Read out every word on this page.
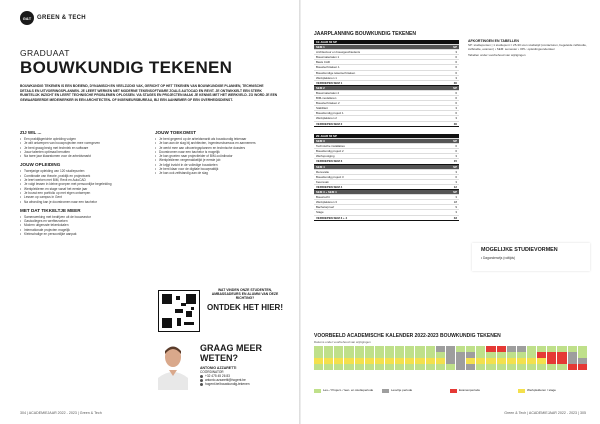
G&T GREEN & TECH
GRADUAAT
BOUWKUNDIG TEKENEN
BOUWKUNDIG TEKENEN IS EEN BOEIEND, DYNAMISCH EN VEELZIJDIG VAK, GERICHT OP HET TEKENEN VAN BOUWKUNDIGE PLANNEN, TECHNISCHE DETAILS EN UITVOERINGSPLANNEN. JE LEERT WERKEN MET MODERNE TEKENSOFTWARE ZOALS AUTOCAD EN REVIT. JE ONTWIKKELT EEN STERK RUIMTELIJK INZICHT EN LEERT TECHNISCHE PROBLEMEN OPLOSSEN. VIA STAGES EN PROJECTEN MAAK JE KENNIS MET HET WERKVELD. ZO WORD JE EEN GEWAARDEERDE MEDEWERKER IN EEN ARCHITECTEN- OF INGENIEURSBUREAU, BIJ EEN AANNEMER OF EEN OVERHEIDSDIENST.
ZIJ WIL ...
• Een praktijkgerichte opleiding volgen
• Je wilt ontwerpen van bouwprojecten mee vormgeven
• Je bent graag bezig met techniek en software
• Jouw talenten optimaal benutten
• Na twee jaar klaarstomen voor de arbeidsmarkt
JOUW OPLEIDING
• Tweejarige opleiding van 120 studiepunten
• Combinatie van theorie, praktijk en projectwerk
• Je leert werken met BIM, Revit en AutoCAD
• Je volgt lessen in kleine groepen met persoonlijke begeleiding
• Werkplekleren en stage vanaf het eerste jaar
• Je bouwt een portfolio op met eigen ontwerpen
• Lessen op campus in Gent
• Na afronding kan je doorstromen naar een bachelor
MET DAT TIKKELTJE MEER
• Samenwerking met bedrijven uit de bouwsector
• Gastcolleges en werfbezoeken
• Modern uitgeruste tekenlokalen
• Internationale projecten mogelijk
• Kleinschalige en persoonlijke aanpak
JOUW TOEKOMST
• Je bent gegeerd op de arbeidsmarkt als bouwkundig tekenaar
• Je kan aan de slag bij architecten, ingenieursbureaus en aannemers
• Je werkt mee aan uitvoeringsplannen en technische dossiers
• Doorstromen naar een bachelor is mogelijk
• Je kan groeien naar projectleider of BIM-coördinator
• Werkplekleren vergemakkelijkt je eerste job
• Je krijgt inzicht in de volledige bouwketen
• Je bent klaar voor de digitale bouwpraktijk
• Je kan ook zelfstandig aan de slag
WAT VINDEN ONZE STUDENTEN, AMBASSADEURS EN ALUMNI VAN DEZE RICHTING?
ONTDEK HET HIER!
GRAAG MEER WETEN?
ANTONIO AZZARETTI
COÖRDINATOR
+32 475 45 26 83
antonio.azzaretti@hogent.be
hogent.be/bouwkundig-tekenen
304 | ACADEMIEJAAR 2022 - 2023 | Green & Tech
JAARPLANNING BOUWKUNDIG TEKENEN
1E JAAR 60 SP
SEM 1	SP
Architectuur en bouwgeschiedenis	3
Bouwmaterialen 1	6
Basis CAD	6
Bouwtechnieken 1	6
Bouwkundige tekentechnieken	6
Werkplekleren 1	3
VERDIEPEN SEM 1	30
SEM 2	SP
Bouwmaterialen 2	6
BIM-modelleren	6
Bouwtechnieken 2	6
Stabiliteit	3
Bouwkundig project 1	6
Werkplekleren 2	3
VERDIEPEN SEM 2	30
2E JAAR 60 SP
SEM 3	SP
Technische installaties	6
Bouwkundig project 2	6
Werfopvolging	3
VERDIEPEN SEM 3	15
SEM 4	SP
Renovatie	3
Bouwkundig project 3	6
Keuzevak	3
VERDIEPEN SEM 4	12
SEM 3 + SEM 4	SP
Bouwrecht	3
Werkplekleren 3	18
Bachelorproef	9
Stage	3
VERDIEPEN SEM 3 + 4	33
AFKORTINGEN EN TABELLEN
SP: studiepunten | 1 studiepunt = 25-30 uren studietijd (contacturen, begeleide zelfstudie, zelfstudie, examen) • SEM: semester • OPL: opleidingsonderdeel
Tabellen onder voorbehoud van wijzigingen
MOGELIJKE STUDIEVORMEN
• Dagonderwijs (voltijds)
VOORBEELD ACADEMISCHE KALENDER 2022-2023 BOUWKUNDIG TEKENEN
Datums onder voorbehoud van wijzigingen
Les- / Project- / leer- en studieperiode	Lesvrije periode	Examenperiode	Werkplekleren / stage
Green & Tech | ACADEMIEJAAR 2022 - 2023 | 305
